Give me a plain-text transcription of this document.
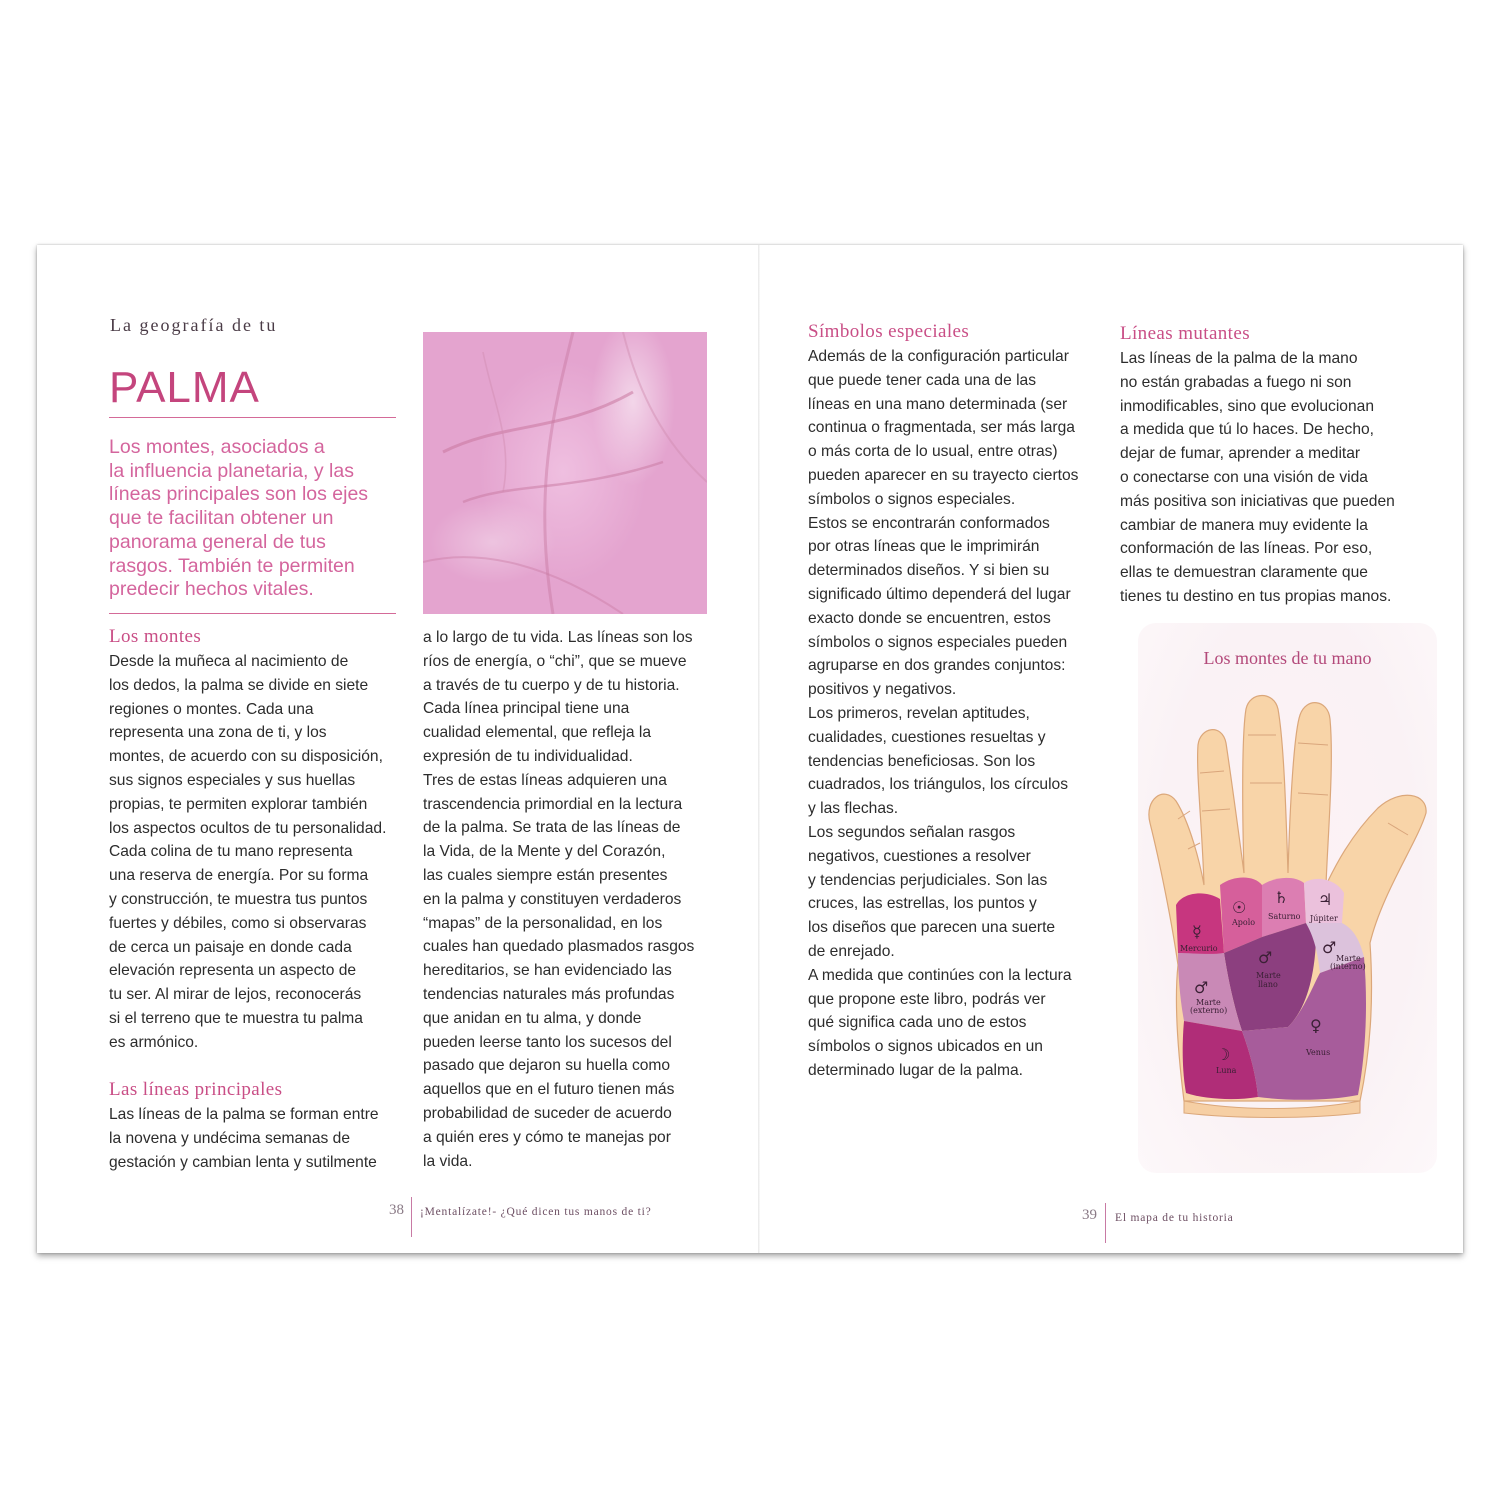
La geografía de tu
PALMA
Los montes, asociados a
la influencia planetaria, y las
líneas principales son los ejes
que te facilitan obtener un
panorama general de tus
rasgos. También te permiten
predecir hechos vitales.
Los montes
Desde la muñeca al nacimiento de
los dedos, la palma se divide en siete
regiones o montes. Cada una
representa una zona de ti, y los
montes, de acuerdo con su disposición,
sus signos especiales y sus huellas
propias, te permiten explorar también
los aspectos ocultos de tu personalidad.
Cada colina de tu mano representa
una reserva de energía. Por su forma
y construcción, te muestra tus puntos
fuertes y débiles, como si observaras
de cerca un paisaje en donde cada
elevación representa un aspecto de
tu ser. Al mirar de lejos, reconocerás
si el terreno que te muestra tu palma
es armónico.
Las líneas principales
Las líneas de la palma se forman entre
la novena y undécima semanas de
gestación y cambian lenta y sutilmente
a lo largo de tu vida. Las líneas son los
ríos de energía, o “chi”, que se mueve
a través de tu cuerpo y de tu historia.
Cada línea principal tiene una
cualidad elemental, que refleja la
expresión de tu individualidad.
Tres de estas líneas adquieren una
trascendencia primordial en la lectura
de la palma. Se trata de las líneas de
la Vida, de la Mente y del Corazón,
las cuales siempre están presentes
en la palma y constituyen verdaderos
“mapas” de la personalidad, en los
cuales han quedado plasmados rasgos
hereditarios, se han evidenciado las
tendencias naturales más profundas
que anidan en tu alma, y donde
pueden leerse tanto los sucesos del
pasado que dejaron su huella como
aquellos que en el futuro tienen más
probabilidad de suceder de acuerdo
a quién eres y cómo te manejas por
la vida.
38 ¡Mentalízate!- ¿Qué dicen tus manos de ti?
Símbolos especiales
Además de la configuración particular
que puede tener cada una de las
líneas en una mano determinada (ser
continua o fragmentada, ser más larga
o más corta de lo usual, entre otras)
pueden aparecer en su trayecto ciertos
símbolos o signos especiales.
Estos se encontrarán conformados
por otras líneas que le imprimirán
determinados diseños. Y si bien su
significado último dependerá del lugar
exacto donde se encuentren, estos
símbolos o signos especiales pueden
agruparse en dos grandes conjuntos:
positivos y negativos.
Los primeros, revelan aptitudes,
cualidades, cuestiones resueltas y
tendencias beneficiosas. Son los
cuadrados, los triángulos, los círculos
y las flechas.
Los segundos señalan rasgos
negativos, cuestiones a resolver
y tendencias perjudiciales. Son las
cruces, las estrellas, los puntos y
los diseños que parecen una suerte
de enrejado.
A medida que continúes con la lectura
que propone este libro, podrás ver
qué significa cada uno de estos
símbolos o signos ubicados en un
determinado lugar de la palma.
Líneas mutantes
Las líneas de la palma de la mano
no están grabadas a fuego ni son
inmodificables, sino que evolucionan
a medida que tú lo haces. De hecho,
dejar de fumar, aprender a meditar
o conectarse con una visión de vida
más positiva son iniciativas que pueden
cambiar de manera muy evidente la
conformación de las líneas. Por eso,
ellas te demuestran claramente que
tienes tu destino en tus propias manos.
Los montes de tu mano
☿
Mercurio
☉
Apolo
♄
Saturno
♃
Júpiter
♂
Marte
llano
♂
Marte
(interno)
♂
Marte
(externo)
☽
Luna
♀
Venus
39 El mapa de tu historia
